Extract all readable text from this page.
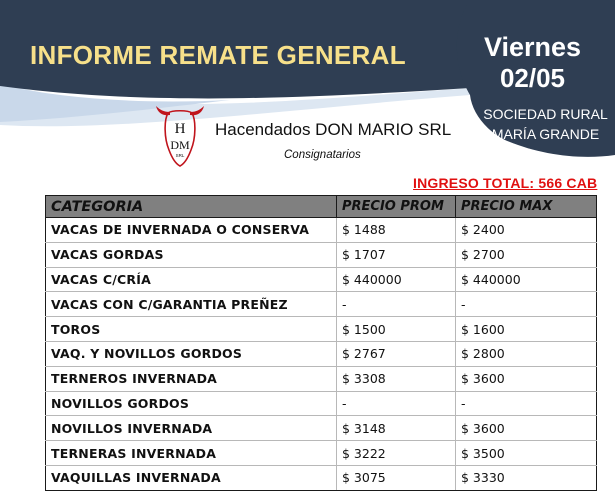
INFORME REMATE GENERAL	Viernes
02/05
SOCIEDAD RURAL
MARÍA GRANDE
H
DM
SRL
Hacendados DON MARIO SRL
Consignatarios
INGRESO TOTAL: 566 CAB
CATEGORIA	PRECIO PROM	PRECIO MAX
VACAS DE INVERNADA O CONSERVA	$ 1488	$ 2400
VACAS GORDAS	$ 1707	$ 2700
VACAS C/CRÍA	$ 440000	$ 440000
VACAS CON C/GARANTIA PREÑEZ	-	-
TOROS	$ 1500	$ 1600
VAQ. Y NOVILLOS GORDOS	$ 2767	$ 2800
TERNEROS INVERNADA	$ 3308	$ 3600
NOVILLOS GORDOS	-	-
NOVILLOS INVERNADA	$ 3148	$ 3600
TERNERAS INVERNADA	$ 3222	$ 3500
VAQUILLAS INVERNADA	$ 3075	$ 3330
